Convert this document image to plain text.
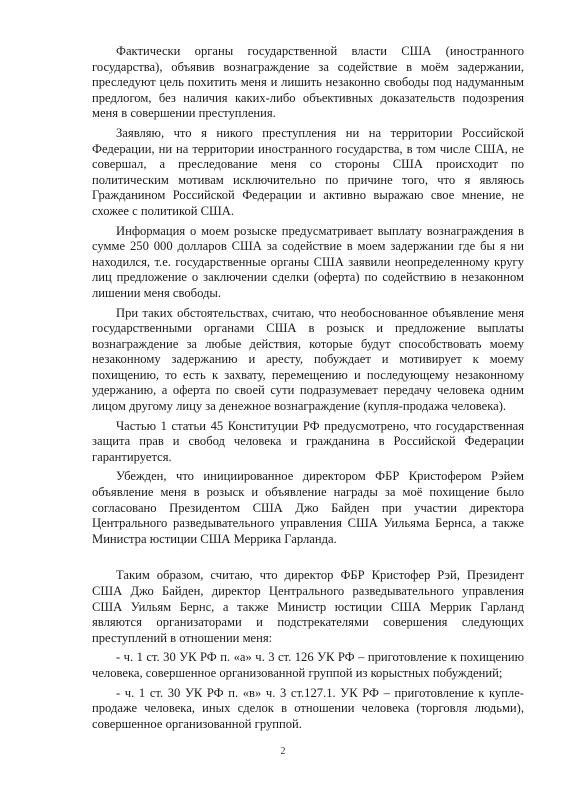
Фактически органы государственной власти США (иностранного государства), объявив вознаграждение за содействие в моём задержании, преследуют цель похитить меня и лишить незаконно свободы под надуманным предлогом, без наличия каких-либо объективных доказательств подозрения меня в совершении преступления.

Заявляю, что я никого преступления ни на территории Российской Федерации, ни на территории иностранного государства, в том числе США, не совершал, а преследование меня со стороны США происходит по политическим мотивам исключительно по причине того, что я являюсь Гражданином Российской Федерации и активно выражаю свое мнение, не схожее с политикой США.

Информация о моем розыске предусматривает выплату вознаграждения в сумме 250 000 долларов США за содействие в моем задержании где бы я ни находился, т.е. государственные органы США заявили неопределенному кругу лиц предложение о заключении сделки (оферта) по содействию в незаконном лишении меня свободы.

При таких обстоятельствах, считаю, что необоснованное объявление меня государственными органами США в розыск и предложение выплаты вознаграждение за любые действия, которые будут способствовать моему незаконному задержанию и аресту, побуждает и мотивирует к моему похищению, то есть к захвату, перемещению и последующему незаконному удержанию, а оферта по своей сути подразумевает передачу человека одним лицом другому лицу за денежное вознаграждение (купля-продажа человека).

Частью 1 статьи 45 Конституции РФ предусмотрено, что государственная защита прав и свобод человека и гражданина в Российской Федерации гарантируется.

Убежден, что инициированное директором ФБР Кристофером Рэйем объявление меня в розыск и объявление награды за моё похищение было согласовано Президентом США Джо Байден при участии директора Центрального разведывательного управления США Уильяма Бернса, а также Министра юстиции США Меррика Гарланда.

Таким образом, считаю, что директор ФБР Кристофер Рэй, Президент США Джо Байден, директор Центрального разведывательного управления США Уильям Бернс, а также Министр юстиции США Меррик Гарланд являются организаторами и подстрекателями совершения следующих преступлений в отношении меня:

- ч. 1 ст. 30 УК РФ п. «а» ч. 3 ст. 126 УК РФ – приготовление к похищению человека, совершенное организованной группой из корыстных побуждений;

- ч. 1 ст. 30 УК РФ п. «в» ч. 3 ст.127.1. УК РФ – приготовление к купле-продаже человека, иных сделок в отношении человека (торговля людьми), совершенное организованной группой.

2
